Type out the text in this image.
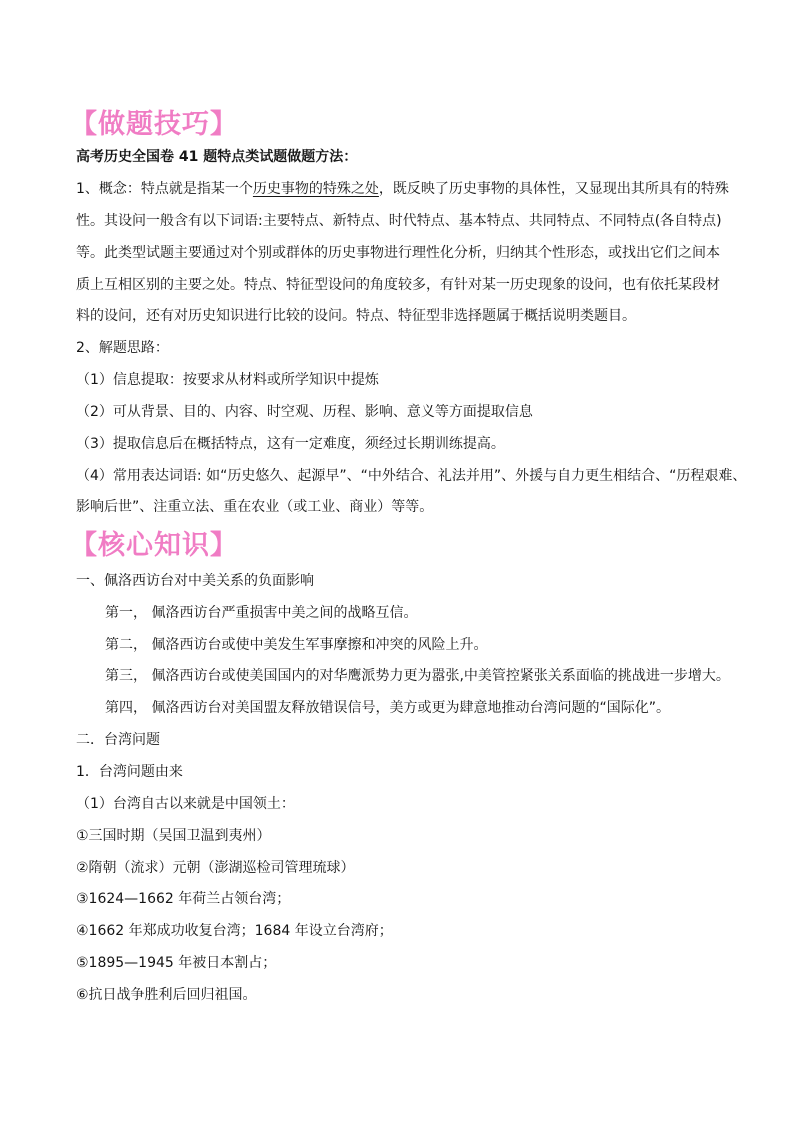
【做题技巧】
高考历史全国卷 41 题特点类试题做题方法：
1、概念：特点就是指某一个历史事物的特殊之处，既反映了历史事物的具体性，又显现出其所具有的特殊
性。其设问一般含有以下词语:主要特点、新特点、时代特点、基本特点、共同特点、不同特点(各自特点)
等。此类型试题主要通过对个别或群体的历史事物进行理性化分析，归纳其个性形态，或找出它们之间本
质上互相区别的主要之处。特点、特征型设问的角度较多，有针对某一历史现象的设问，也有依托某段材
料的设问，还有对历史知识进行比较的设问。特点、特征型非选择题属于概括说明类题目。
2、解题思路：
（1）信息提取：按要求从材料或所学知识中提炼
（2）可从背景、目的、内容、时空观、历程、影响、意义等方面提取信息
（3）提取信息后在概括特点，这有一定难度，须经过长期训练提高。
（4）常用表达词语: 如“历史悠久、起源早”、“中外结合、礼法并用”、外援与自力更生相结合、“历程艰难、
影响后世”、注重立法、重在农业（或工业、商业）等等。
【核心知识】
一、佩洛西访台对中美关系的负面影响
第一， 佩洛西访台严重损害中美之间的战略互信。
第二， 佩洛西访台或使中美发生军事摩擦和冲突的风险上升。
第三， 佩洛西访台或使美国国内的对华鹰派势力更为嚣张,中美管控紧张关系面临的挑战进一步增大。
第四， 佩洛西访台对美国盟友释放错误信号，美方或更为肆意地推动台湾问题的“国际化”。
二．台湾问题
1．台湾问题由来
（1）台湾自古以来就是中国领土：
①三国时期（吴国卫温到夷州）
②隋朝（流求）元朝（澎湖巡检司管理琉球）
③1624—1662 年荷兰占领台湾；
④1662 年郑成功收复台湾；1684 年设立台湾府；
⑤1895—1945 年被日本割占；
⑥抗日战争胜利后回归祖国。
